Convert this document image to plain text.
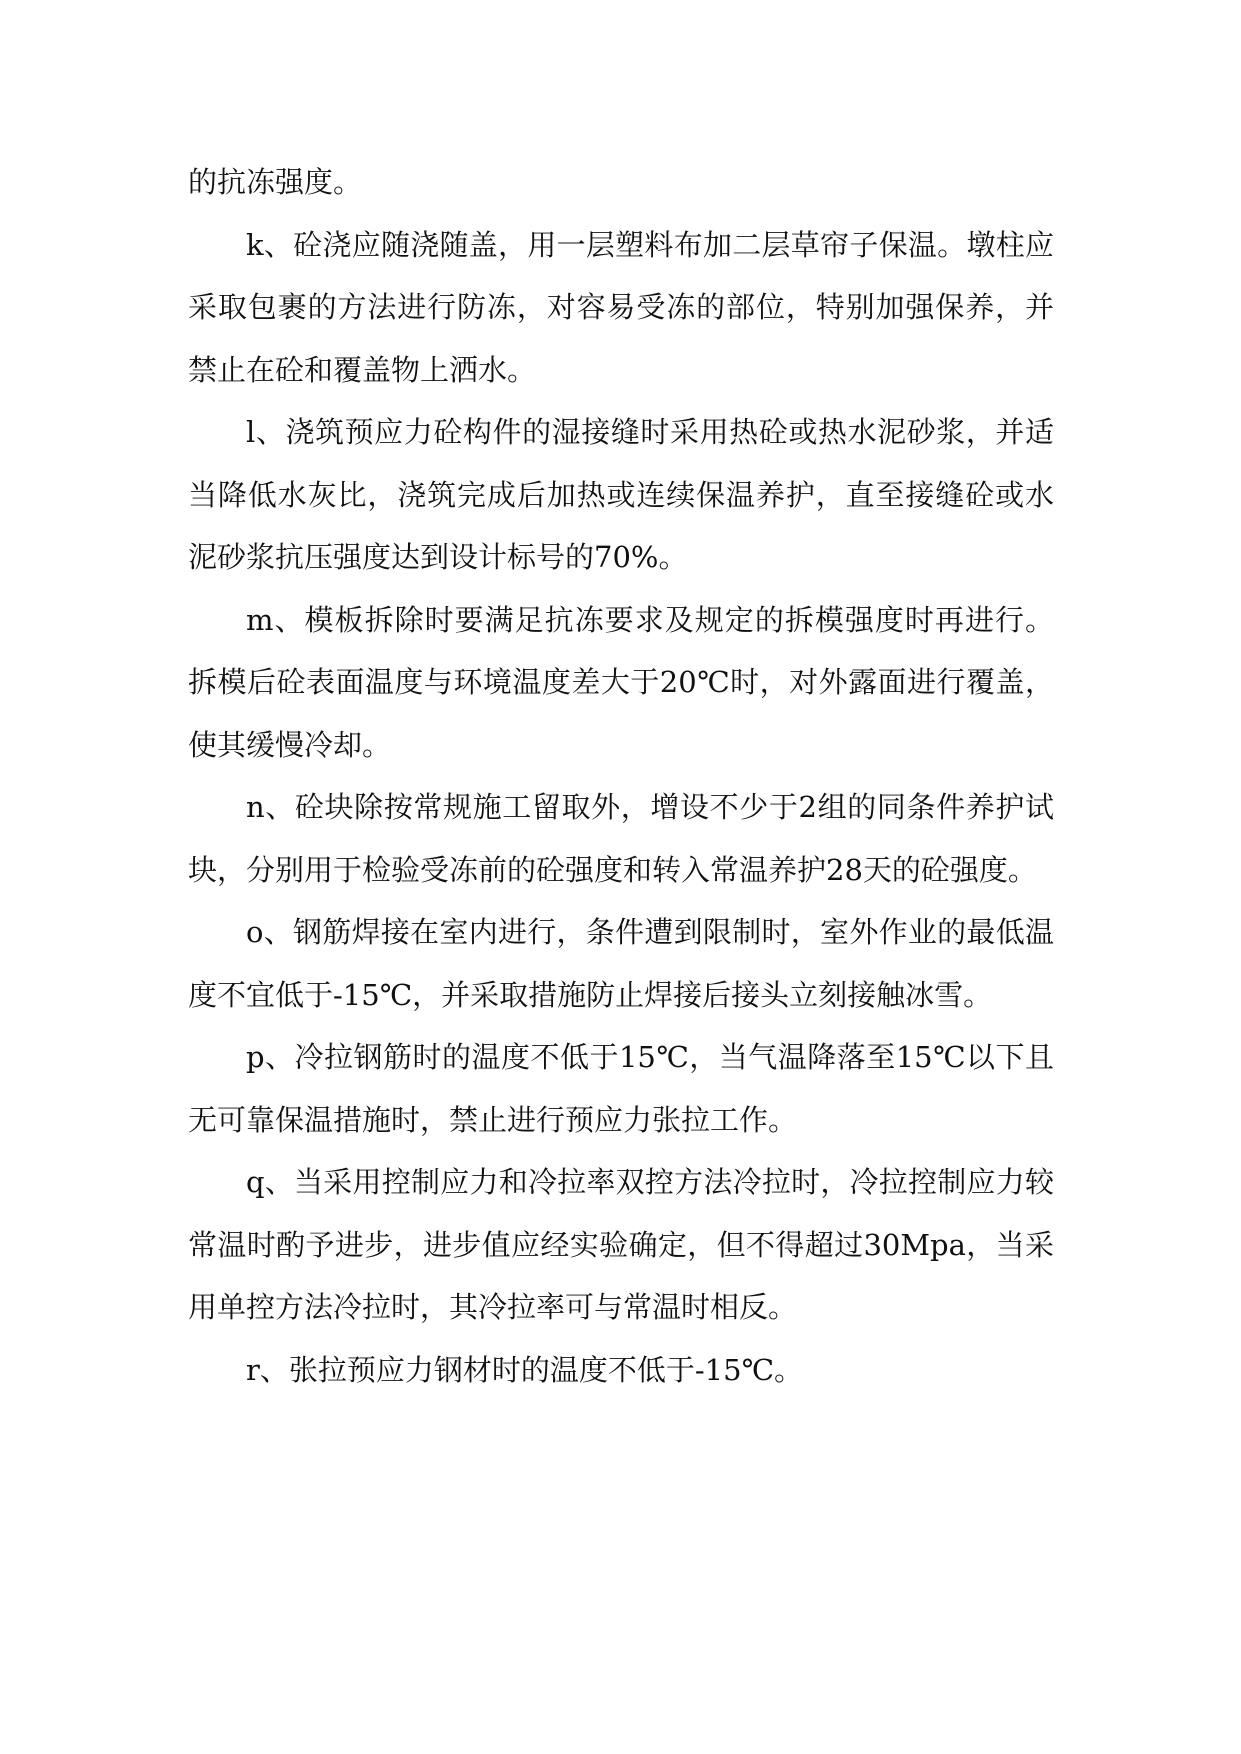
的抗冻强度。

k、砼浇应随浇随盖，用一层塑料布加二层草帘子保温。墩柱应采取包裹的方法进行防冻，对容易受冻的部位，特别加强保养，并禁止在砼和覆盖物上洒水。

l、浇筑预应力砼构件的湿接缝时采用热砼或热水泥砂浆，并适当降低水灰比，浇筑完成后加热或连续保温养护，直至接缝砼或水泥砂浆抗压强度达到设计标号的70%。

m、模板拆除时要满足抗冻要求及规定的拆模强度时再进行。拆模后砼表面温度与环境温度差大于20℃时，对外露面进行覆盖，使其缓慢冷却。

n、砼块除按常规施工留取外，增设不少于2组的同条件养护试块，分别用于检验受冻前的砼强度和转入常温养护28天的砼强度。

o、钢筋焊接在室内进行，条件遭到限制时，室外作业的最低温度不宜低于-15℃，并采取措施防止焊接后接头立刻接触冰雪。

p、冷拉钢筋时的温度不低于15℃，当气温降落至15℃以下且无可靠保温措施时，禁止进行预应力张拉工作。

q、当采用控制应力和冷拉率双控方法冷拉时，冷拉控制应力较常温时酌予进步，进步值应经实验确定，但不得超过30Mpa，当采用单控方法冷拉时，其冷拉率可与常温时相反。

r、张拉预应力钢材时的温度不低于-15℃。
